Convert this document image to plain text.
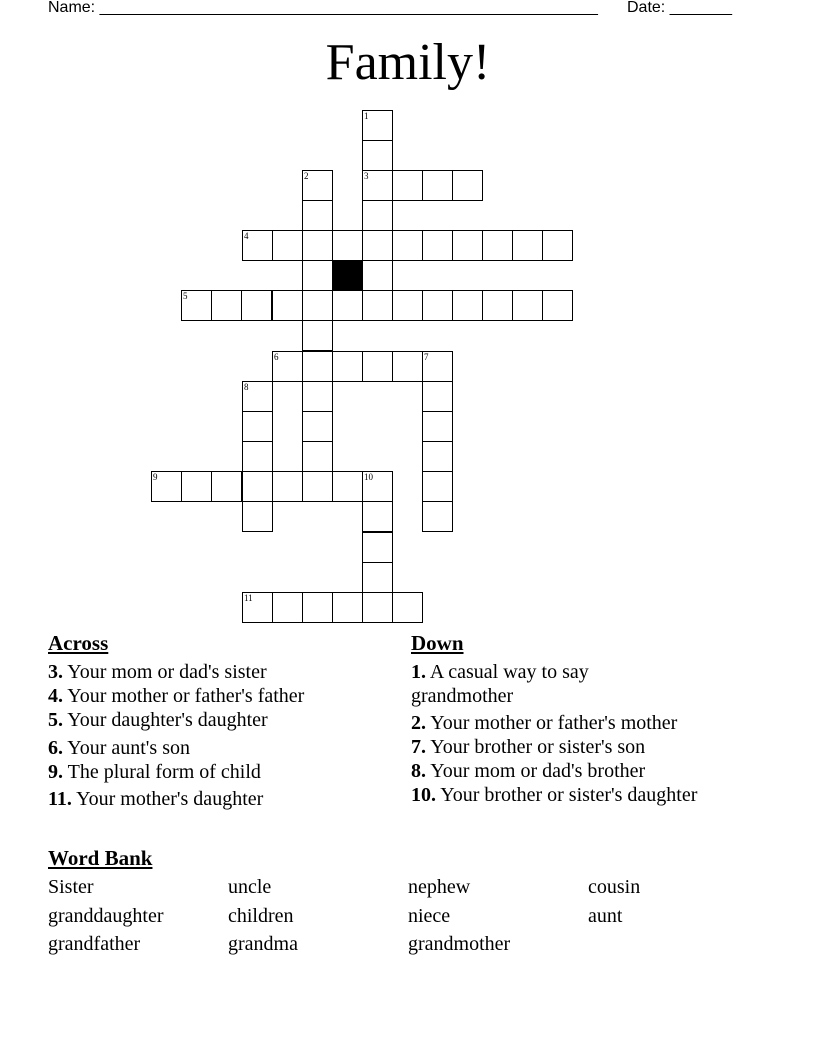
Name: ________________________________________________________ Date: _______
Family!
1
2	3
4
5
6	7
8
9	10
11
Across
3. Your mom or dad's sister
4. Your mother or father's father
5. Your daughter's daughter
6. Your aunt's son
9. The plural form of child
11. Your mother's daughter
Down
1. A casual way to say
grandmother
2. Your mother or father's mother
7. Your brother or sister's son
8. Your mom or dad's brother
10. Your brother or sister's daughter
Word Bank
Sister	uncle	nephew	cousin
granddaughter	children	niece	aunt
grandfather	grandma	grandmother
